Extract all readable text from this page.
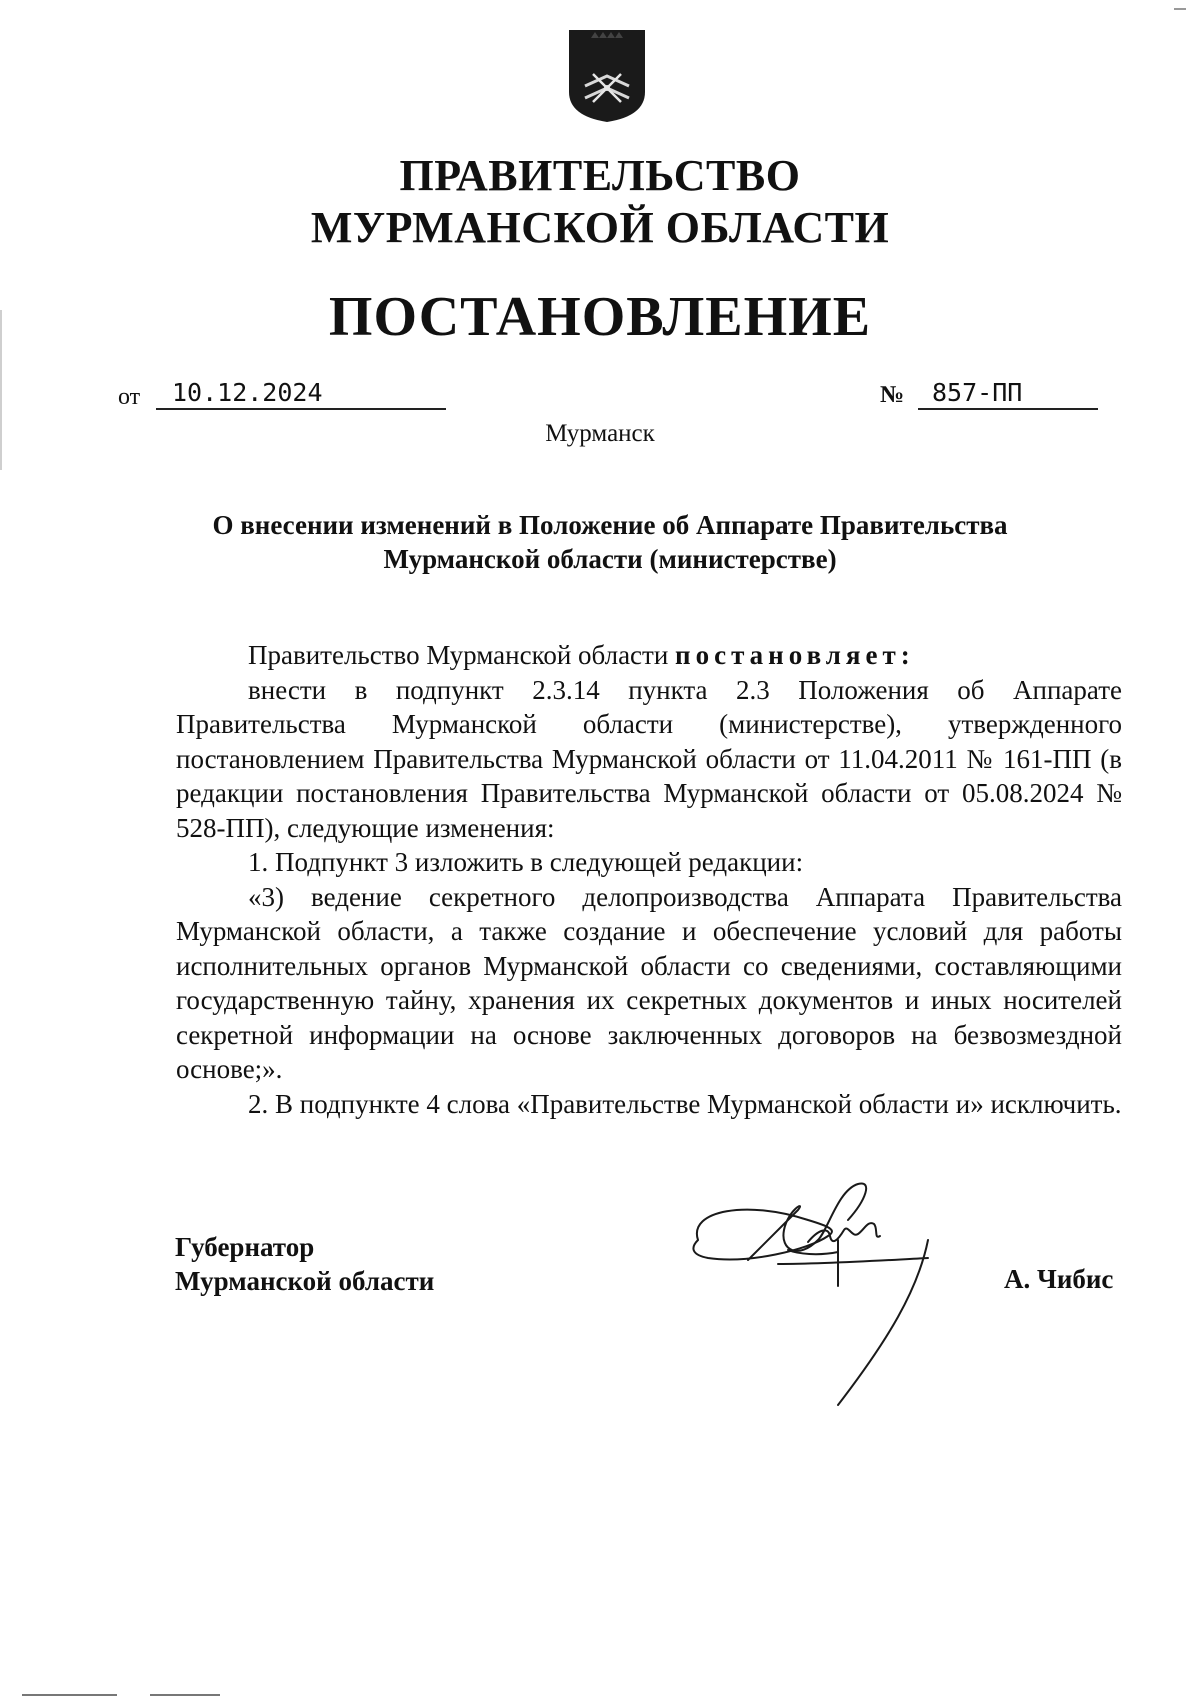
ПРАВИТЕЛЬСТВО
МУРМАНСКОЙ ОБЛАСТИ
ПОСТАНОВЛЕНИЕ
от	10.12.2024	№	857-ПП
Мурманск
О внесении изменений в Положение об Аппарате Правительства
Мурманской области (министерстве)

Правительство Мурманской области постановляет:

внести в подпункт 2.3.14 пункта 2.3 Положения об Аппарате Правительства Мурманской области (министерстве), утвержденного постановлением Правительства Мурманской области от 11.04.2011 № 161-ПП (в редакции постановления Правительства Мурманской области от 05.08.2024 № 528-ПП), следующие изменения:

1. Подпункт 3 изложить в следующей редакции:

«3) ведение секретного делопроизводства Аппарата Правительства Мурманской области, а также создание и обеспечение условий для работы исполнительных органов Мурманской области со сведениями, составляющими государственную тайну, хранения их секретных документов и иных носителей секретной информации на основе заключенных договоров на безвозмездной основе;».

2. В подпункте 4 слова «Правительстве Мурманской области и» исключить.

Губернатор
Мурманской области	А. Чибис
